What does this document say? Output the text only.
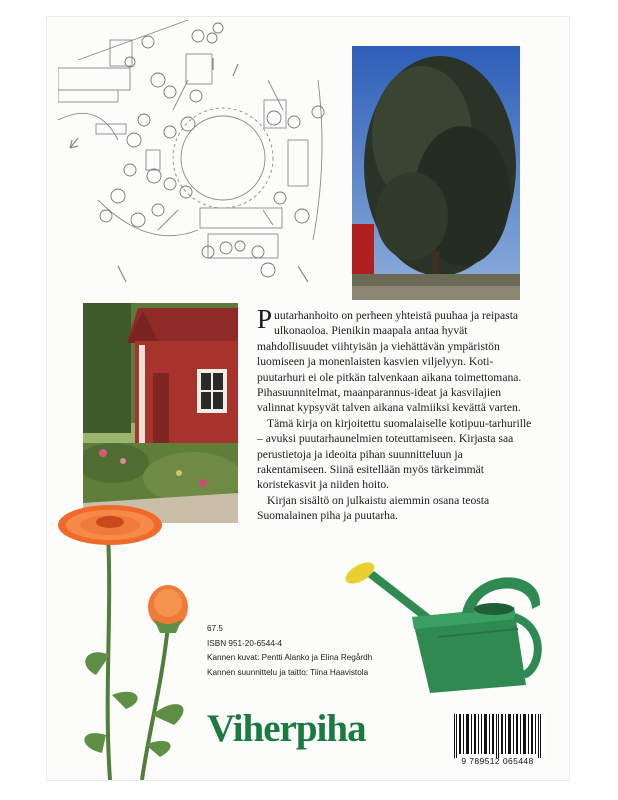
Puutarhanhoito on perheen yhteistä puuhaa ja reipasta ulkonaoloa. Pienikin maapala antaa hyvät mahdollisuudet viihtyisän ja viehättävän ympäristön luomiseen ja monenlaisten kasvien viljelyyn. Koti-puutarhuri ei ole pitkän talvenkaan aikana toimettomana. Pihasuunnitelmat, maanparannus-ideat ja kasvilajien valinnat kypsyvät talven aikana valmiiksi kevättä varten.

Tämä kirja on kirjoitettu suomalaiselle kotipuu-tarhurille – avuksi puutarhaunelmien toteuttamiseen. Kirjasta saa perustietoja ja ideoita pihan suunnitteluun ja rakentamiseen. Siinä esitellään myös tärkeimmät koristekasvit ja niiden hoito.

Kirjan sisältö on julkaistu aiemmin osana teosta Suomalainen piha ja puutarha.

67.5
ISBN 951-20-6544-4
Kannen kuvat: Pentti Alanko ja Elina Regårdh
Kannen suunnittelu ja taitto: Tiina Haavistola
Viherpiha
9 789512 065448
